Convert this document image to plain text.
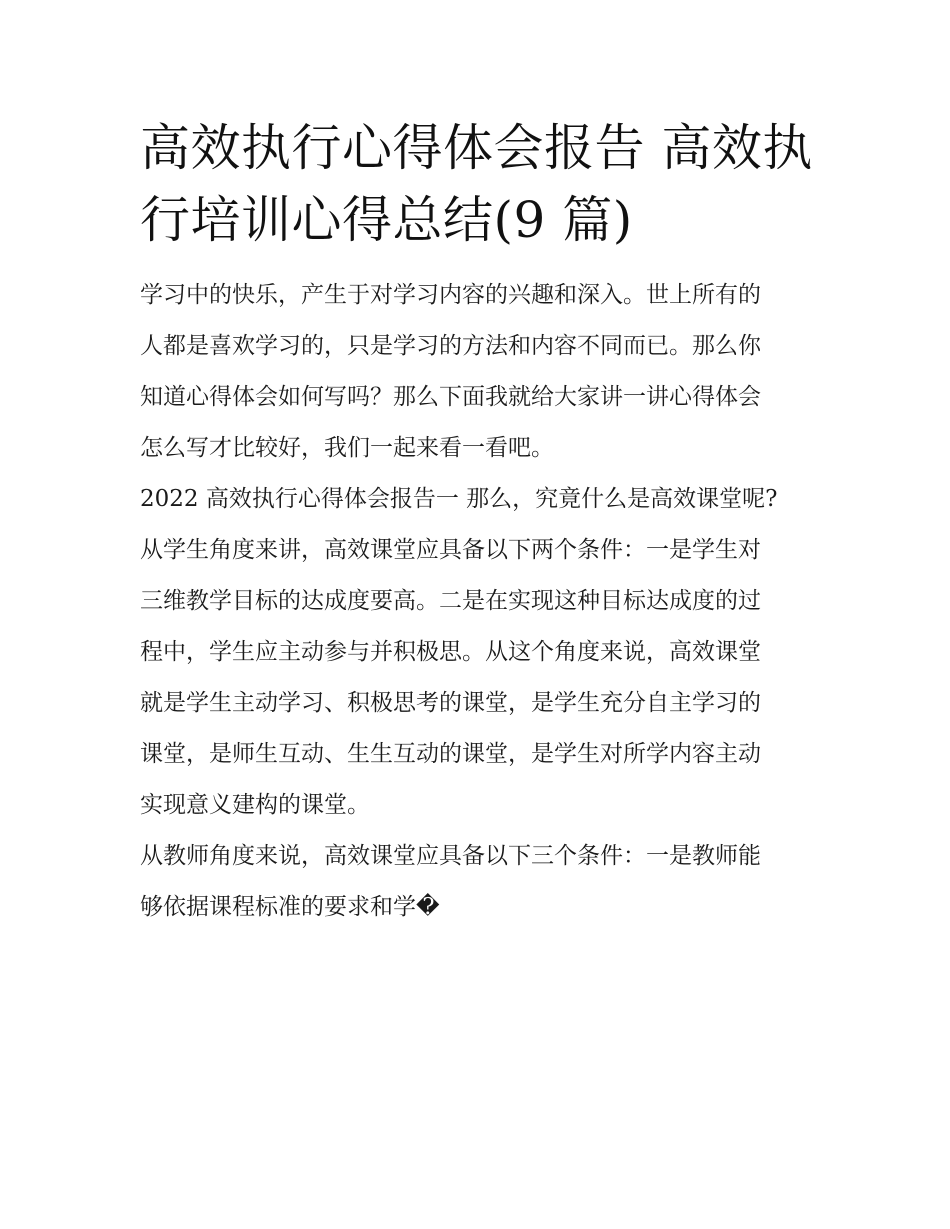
高效执行心得体会报告 高效执
行培训心得总结(9 篇)
学习中的快乐，产生于对学习内容的兴趣和深入。世上所有的
人都是喜欢学习的，只是学习的方法和内容不同而已。那么你
知道心得体会如何写吗？那么下面我就给大家讲一讲心得体会
怎么写才比较好，我们一起来看一看吧。
2022 高效执行心得体会报告一 那么，究竟什么是高效课堂呢?
从学生角度来讲，高效课堂应具备以下两个条件：一是学生对
三维教学目标的达成度要高。二是在实现这种目标达成度的过
程中，学生应主动参与并积极思。从这个角度来说，高效课堂
就是学生主动学习、积极思考的课堂，是学生充分自主学习的
课堂，是师生互动、生生互动的课堂，是学生对所学内容主动
实现意义建构的课堂。
从教师角度来说，高效课堂应具备以下三个条件：一是教师能
够依据课程标准的要求和学�
